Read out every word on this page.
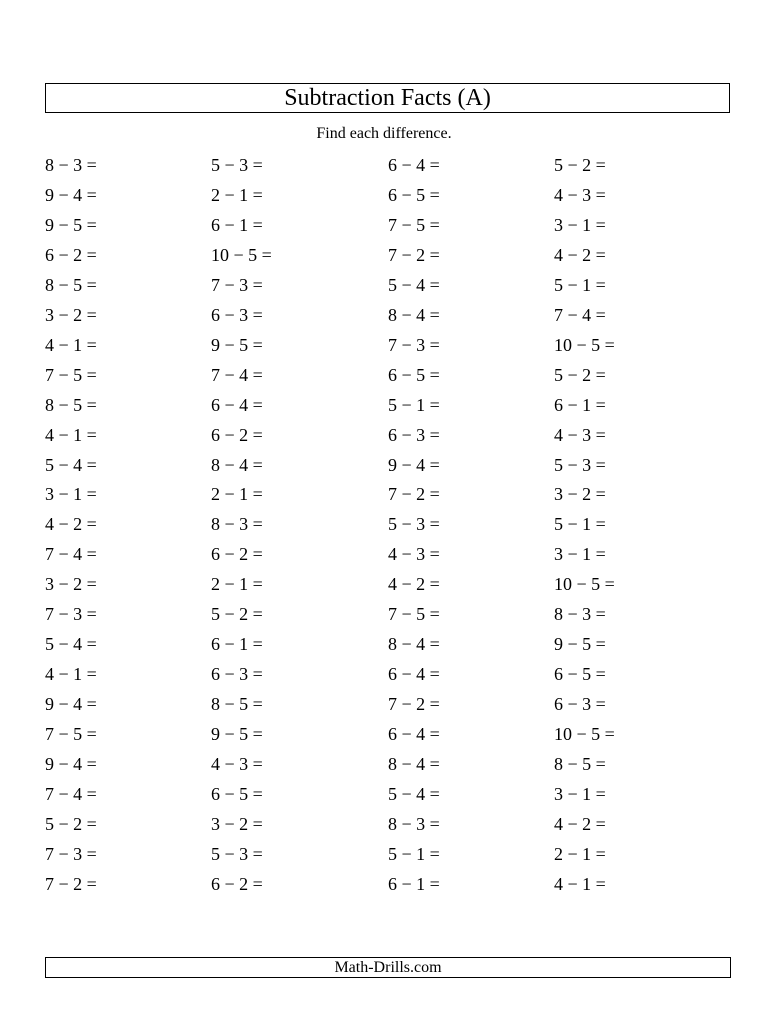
Subtraction Facts (A)
Find each difference.
8 − 3 =	5 − 3 =	6 − 4 =	5 − 2 =
9 − 4 =	2 − 1 =	6 − 5 =	4 − 3 =
9 − 5 =	6 − 1 =	7 − 5 =	3 − 1 =
6 − 2 =	10 − 5 =	7 − 2 =	4 − 2 =
8 − 5 =	7 − 3 =	5 − 4 =	5 − 1 =
3 − 2 =	6 − 3 =	8 − 4 =	7 − 4 =
4 − 1 =	9 − 5 =	7 − 3 =	10 − 5 =
7 − 5 =	7 − 4 =	6 − 5 =	5 − 2 =
8 − 5 =	6 − 4 =	5 − 1 =	6 − 1 =
4 − 1 =	6 − 2 =	6 − 3 =	4 − 3 =
5 − 4 =	8 − 4 =	9 − 4 =	5 − 3 =
3 − 1 =	2 − 1 =	7 − 2 =	3 − 2 =
4 − 2 =	8 − 3 =	5 − 3 =	5 − 1 =
7 − 4 =	6 − 2 =	4 − 3 =	3 − 1 =
3 − 2 =	2 − 1 =	4 − 2 =	10 − 5 =
7 − 3 =	5 − 2 =	7 − 5 =	8 − 3 =
5 − 4 =	6 − 1 =	8 − 4 =	9 − 5 =
4 − 1 =	6 − 3 =	6 − 4 =	6 − 5 =
9 − 4 =	8 − 5 =	7 − 2 =	6 − 3 =
7 − 5 =	9 − 5 =	6 − 4 =	10 − 5 =
9 − 4 =	4 − 3 =	8 − 4 =	8 − 5 =
7 − 4 =	6 − 5 =	5 − 4 =	3 − 1 =
5 − 2 =	3 − 2 =	8 − 3 =	4 − 2 =
7 − 3 =	5 − 3 =	5 − 1 =	2 − 1 =
7 − 2 =	6 − 2 =	6 − 1 =	4 − 1 =
Math-Drills.com
